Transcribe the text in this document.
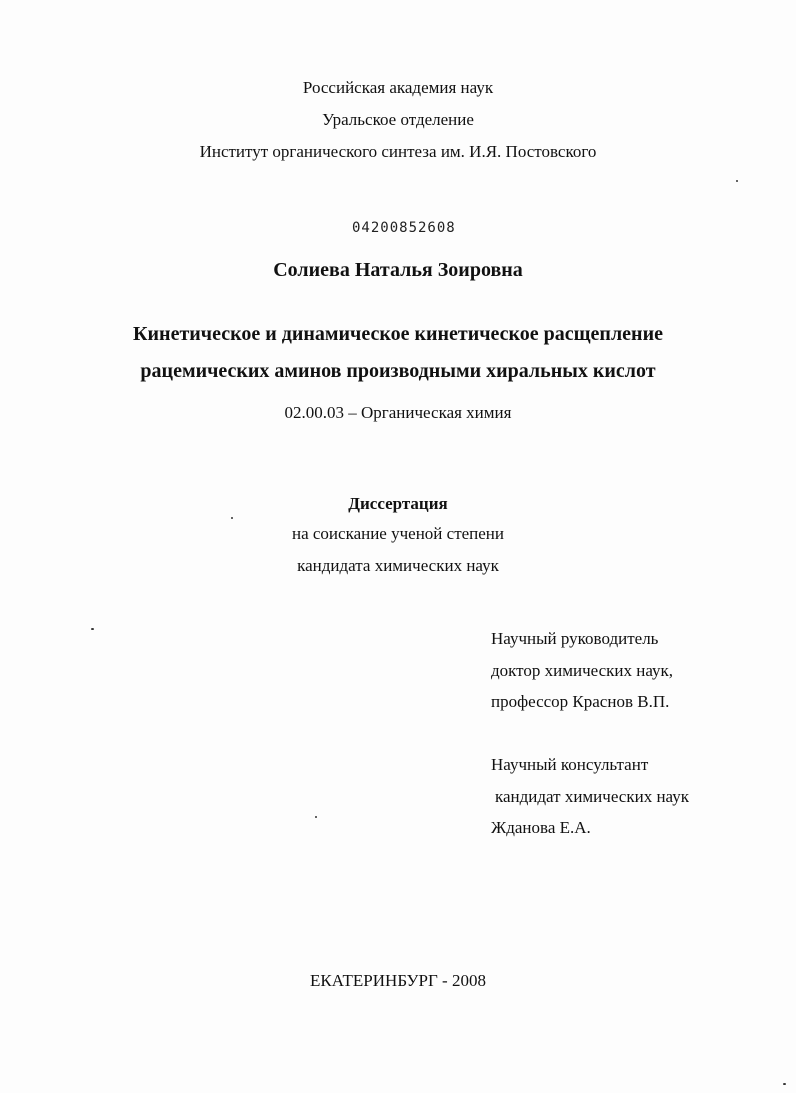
Российская академия наук
Уральское отделение
Институт органического синтеза им. И.Я. Постовского
04200852608
Солиева Наталья Зоировна
Кинетическое и динамическое кинетическое расщепление
рацемических аминов производными хиральных кислот
02.00.03 – Органическая химия
Диссертация
на соискание ученой степени
кандидата химических наук
Научный руководитель
доктор химических наук,
профессор Краснов В.П.
Научный консультант
кандидат химических наук
Жданова Е.А.
ЕКАТЕРИНБУРГ - 2008
